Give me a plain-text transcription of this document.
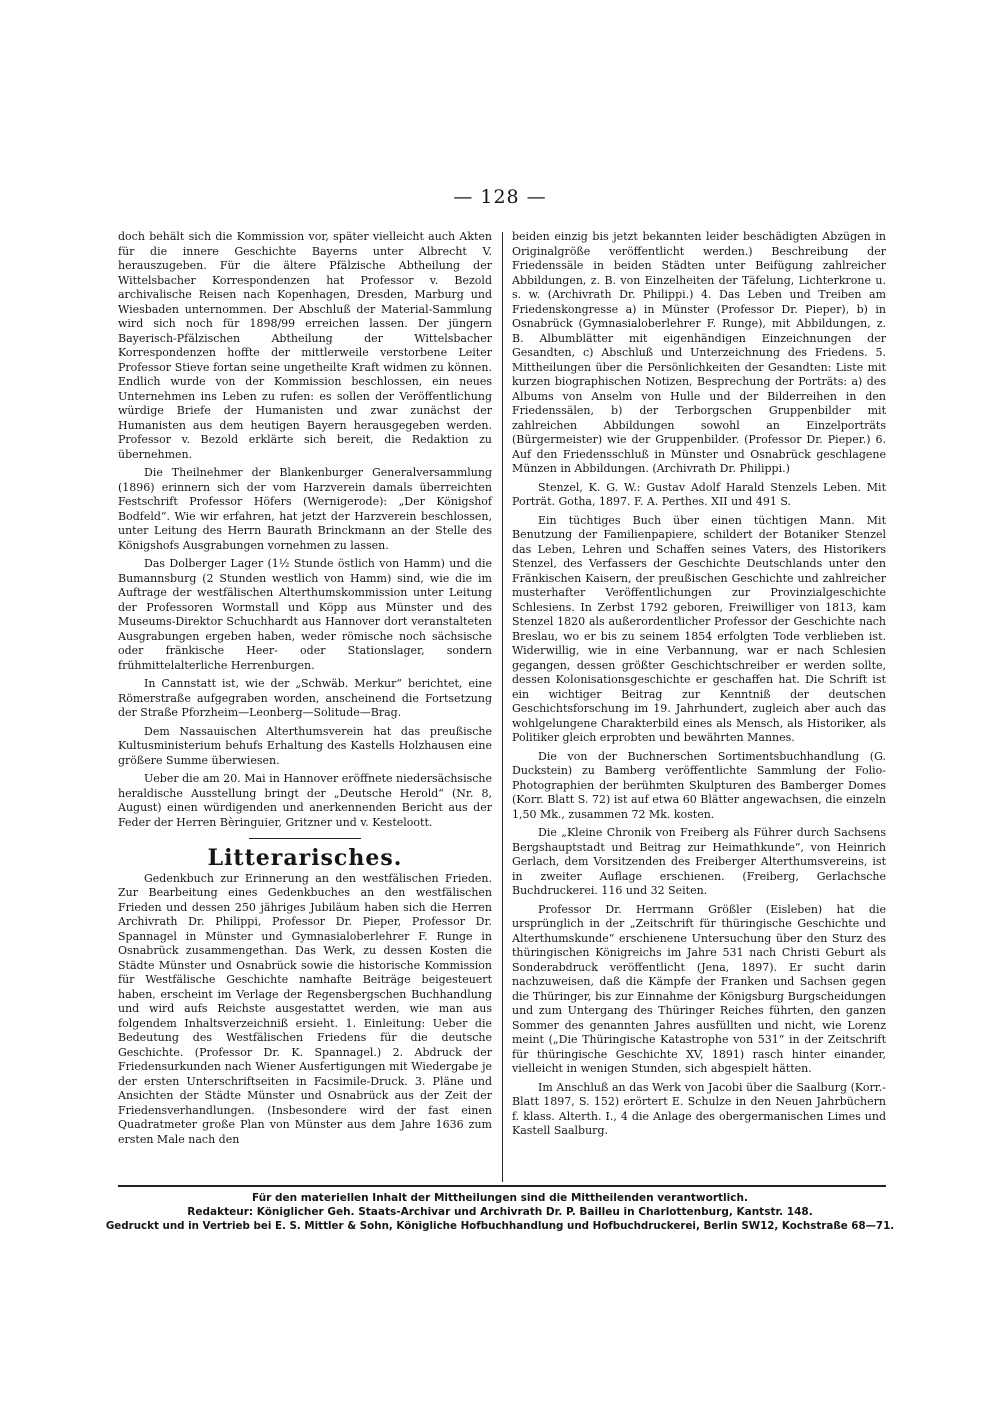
— 128 —

doch behält sich die Kommission vor, später vielleicht auch Akten für die innere Geschichte Bayerns unter Albrecht V. herauszugeben. Für die ältere Pfälzische Abtheilung der Wittelsbacher Korrespondenzen hat Professor v. Bezold archivalische Reisen nach Kopenhagen, Dresden, Marburg und Wiesbaden unternommen. Der Abschluß der Material-Sammlung wird sich noch für 1898/99 erreichen lassen. Der jüngern Bayerisch-Pfälzischen Abtheilung der Wittelsbacher Korrespondenzen hoffte der mittlerweile verstorbene Leiter Professor Stieve fortan seine ungetheilte Kraft widmen zu können. Endlich wurde von der Kommission beschlossen, ein neues Unternehmen ins Leben zu rufen: es sollen der Veröffentlichung würdige Briefe der Humanisten und zwar zunächst der Humanisten aus dem heutigen Bayern herausgegeben werden. Professor v. Bezold erklärte sich bereit, die Redaktion zu übernehmen.

Die Theilnehmer der Blankenburger Generalversammlung (1896) erinnern sich der vom Harzverein damals überreichten Festschrift Professor Höfers (Wernigerode): „Der Königshof Bodfeld“. Wie wir erfahren, hat jetzt der Harzverein beschlossen, unter Leitung des Herrn Baurath Brinckmann an der Stelle des Königshofs Ausgrabungen vornehmen zu lassen.

Das Dolberger Lager (1½ Stunde östlich von Hamm) und die Bumannsburg (2 Stunden westlich von Hamm) sind, wie die im Auftrage der westfälischen Alterthumskommission unter Leitung der Professoren Wormstall und Köpp aus Münster und des Museums-Direktor Schuchhardt aus Hannover dort veranstalteten Ausgrabungen ergeben haben, weder römische noch sächsische oder fränkische Heer- oder Stationslager, sondern frühmittelalterliche Herrenburgen.

In Cannstatt ist, wie der „Schwäb. Merkur“ berichtet, eine Römerstraße aufgegraben worden, anscheinend die Fortsetzung der Straße Pforzheim—Leonberg—Solitude—Brag.

Dem Nassauischen Alterthumsverein hat das preußische Kultusministerium behufs Erhaltung des Kastells Holzhausen eine größere Summe überwiesen.

Ueber die am 20. Mai in Hannover eröffnete niedersächsische heraldische Ausstellung bringt der „Deutsche Herold“ (Nr. 8, August) einen würdigenden und anerkennenden Bericht aus der Feder der Herren Bèringuier, Gritzner und v. Kesteloott.

Litterarisches.

Gedenkbuch zur Erinnerung an den westfälischen Frieden. Zur Bearbeitung eines Gedenkbuches an den westfälischen Frieden und dessen 250 jähriges Jubiläum haben sich die Herren Archivrath Dr. Philippi, Professor Dr. Pieper, Professor Dr. Spannagel in Münster und Gymnasialoberlehrer F. Runge in Osnabrück zusammengethan. Das Werk, zu dessen Kosten die Städte Münster und Osnabrück sowie die historische Kommission für Westfälische Geschichte namhafte Beiträge beigesteuert haben, erscheint im Verlage der Regensbergschen Buchhandlung und wird aufs Reichste ausgestattet werden, wie man aus folgendem Inhaltsverzeichniß ersieht. 1. Einleitung: Ueber die Bedeutung des Westfälischen Friedens für die deutsche Geschichte. (Professor Dr. K. Spannagel.) 2. Abdruck der Friedensurkunden nach Wiener Ausfertigungen mit Wiedergabe je der ersten Unterschriftseiten in Facsimile-Druck. 3. Pläne und Ansichten der Städte Münster und Osnabrück aus der Zeit der Friedensverhandlungen. (Insbesondere wird der fast einen Quadratmeter große Plan von Münster aus dem Jahre 1636 zum ersten Male nach den

beiden einzig bis jetzt bekannten leider beschädigten Abzügen in Originalgröße veröffentlicht werden.) Beschreibung der Friedenssäle in beiden Städten unter Beifügung zahlreicher Abbildungen, z. B. von Einzelheiten der Täfelung, Lichterkrone u. s. w. (Archivrath Dr. Philippi.) 4. Das Leben und Treiben am Friedenskongresse a) in Münster (Professor Dr. Pieper), b) in Osnabrück (Gymnasialoberlehrer F. Runge), mit Abbildungen, z. B. Albumblätter mit eigenhändigen Einzeichnungen der Gesandten, c) Abschluß und Unterzeichnung des Friedens. 5. Mittheilungen über die Persönlichkeiten der Gesandten: Liste mit kurzen biographischen Notizen, Besprechung der Porträts: a) des Albums von Anselm von Hulle und der Bilderreihen in den Friedenssälen, b) der Terborgschen Gruppenbilder mit zahlreichen Abbildungen sowohl an Einzelporträts (Bürgermeister) wie der Gruppenbilder. (Professor Dr. Pieper.) 6. Auf den Friedensschluß in Münster und Osnabrück geschlagene Münzen in Abbildungen. (Archivrath Dr. Philippi.)

Stenzel, K. G. W.: Gustav Adolf Harald Stenzels Leben. Mit Porträt. Gotha, 1897. F. A. Perthes. XII und 491 S.

Ein tüchtiges Buch über einen tüchtigen Mann. Mit Benutzung der Familienpapiere, schildert der Botaniker Stenzel das Leben, Lehren und Schaffen seines Vaters, des Historikers Stenzel, des Verfassers der Geschichte Deutschlands unter den Fränkischen Kaisern, der preußischen Geschichte und zahlreicher musterhafter Veröffentlichungen zur Provinzialgeschichte Schlesiens. In Zerbst 1792 geboren, Freiwilliger von 1813, kam Stenzel 1820 als außerordentlicher Professor der Geschichte nach Breslau, wo er bis zu seinem 1854 erfolgten Tode verblieben ist. Widerwillig, wie in eine Verbannung, war er nach Schlesien gegangen, dessen größter Geschichtschreiber er werden sollte, dessen Kolonisationsgeschichte er geschaffen hat. Die Schrift ist ein wichtiger Beitrag zur Kenntniß der deutschen Geschichtsforschung im 19. Jahrhundert, zugleich aber auch das wohlgelungene Charakterbild eines als Mensch, als Historiker, als Politiker gleich erprobten und bewährten Mannes.

Die von der Buchnerschen Sortimentsbuchhandlung (G. Duckstein) zu Bamberg veröffentlichte Sammlung der Folio-Photographien der berühmten Skulpturen des Bamberger Domes (Korr. Blatt S. 72) ist auf etwa 60 Blätter angewachsen, die einzeln 1,50 Mk., zusammen 72 Mk. kosten.

Die „Kleine Chronik von Freiberg als Führer durch Sachsens Bergshauptstadt und Beitrag zur Heimathkunde“, von Heinrich Gerlach, dem Vorsitzenden des Freiberger Alterthumsvereins, ist in zweiter Auflage erschienen. (Freiberg, Gerlachsche Buchdruckerei. 116 und 32 Seiten.

Professor Dr. Herrmann Größler (Eisleben) hat die ursprünglich in der „Zeitschrift für thüringische Geschichte und Alterthumskunde“ erschienene Untersuchung über den Sturz des thüringischen Königreichs im Jahre 531 nach Christi Geburt als Sonderabdruck veröffentlicht (Jena, 1897). Er sucht darin nachzuweisen, daß die Kämpfe der Franken und Sachsen gegen die Thüringer, bis zur Einnahme der Königsburg Burgscheidungen und zum Untergang des Thüringer Reiches führten, den ganzen Sommer des genannten Jahres ausfüllten und nicht, wie Lorenz meint („Die Thüringische Katastrophe von 531“ in der Zeitschrift für thüringische Geschichte XV, 1891) rasch hinter einander, vielleicht in wenigen Stunden, sich abgespielt hätten.

Im Anschluß an das Werk von Jacobi über die Saalburg (Korr.-Blatt 1897, S. 152) erörtert E. Schulze in den Neuen Jahrbüchern f. klass. Alterth. I., 4 die Anlage des obergermanischen Limes und Kastell Saalburg.

Für den materiellen Inhalt der Mittheilungen sind die Mittheilenden verantwortlich.
Redakteur: Königlicher Geh. Staats-Archivar und Archivrath Dr. P. Bailleu in Charlottenburg, Kantstr. 148.
Gedruckt und in Vertrieb bei E. S. Mittler & Sohn, Königliche Hofbuchhandlung und Hofbuchdruckerei, Berlin SW12, Kochstraße 68—71.
